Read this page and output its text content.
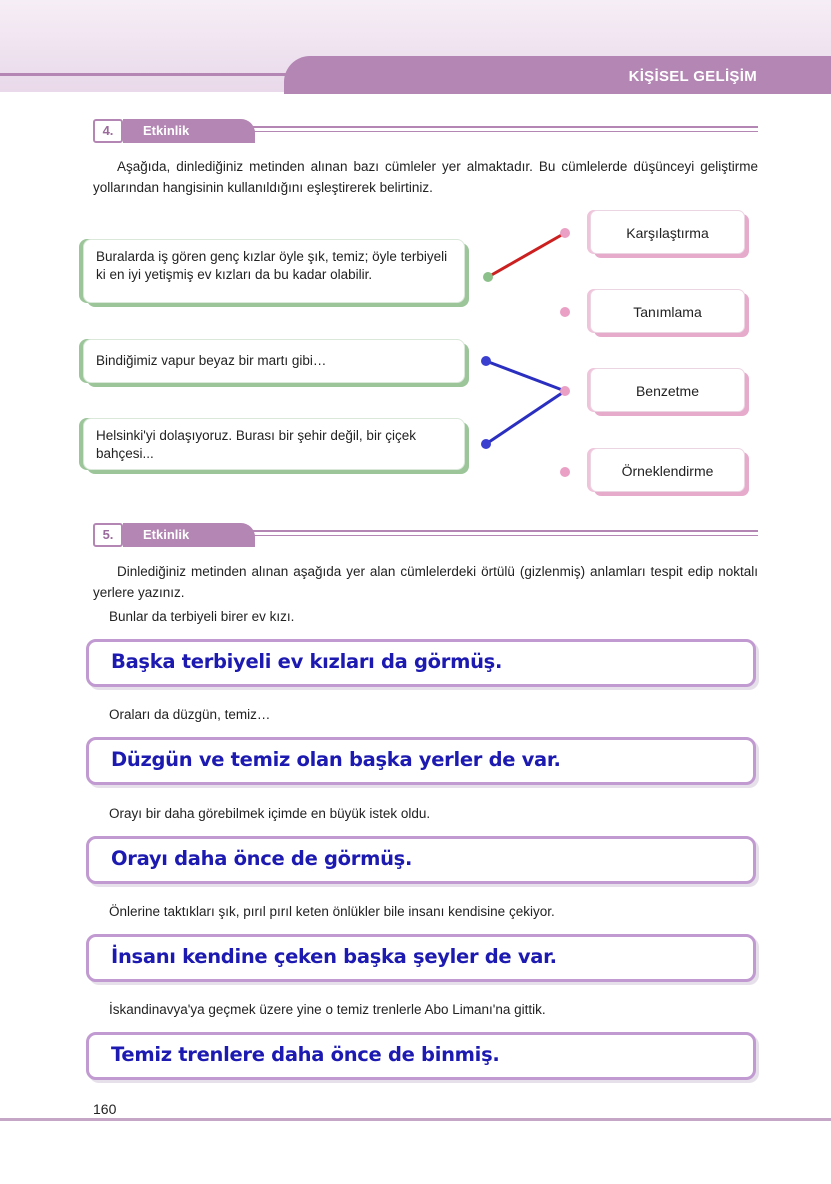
KİŞİSEL GELİŞİM
4.	Etkinlik
Aşağıda, dinlediğiniz metinden alınan bazı cümleler yer almaktadır. Bu cümlelerde düşünceyi geliştirme yollarından hangisinin kullanıldığını eşleştirerek belirtiniz.
Buralarda iş gören genç kızlar öyle şık, temiz; öyle terbiyeli ki en iyi yetişmiş ev kızları da bu kadar olabilir.
Bindiğimiz vapur beyaz bir martı gibi…
Helsinki'yi dolaşıyoruz. Burası bir şehir değil, bir çiçek bahçesi...
Karşılaştırma
Tanımlama
Benzetme
Örneklendirme
5.	Etkinlik
Dinlediğiniz metinden alınan aşağıda yer alan cümlelerdeki örtülü (gizlenmiş) anlamları tespit edip noktalı yerlere yazınız.
Bunlar da terbiyeli birer ev kızı.
Başka terbiyeli ev kızları da görmüş.
Oraları da düzgün, temiz…
Düzgün ve temiz olan başka yerler de var.
Orayı bir daha görebilmek içimde en büyük istek oldu.
Orayı daha önce de görmüş.
Önlerine taktıkları şık, pırıl pırıl keten önlükler bile insanı kendisine çekiyor.
İnsanı kendine çeken başka şeyler de var.
İskandinavya'ya geçmek üzere yine o temiz trenlerle Abo Limanı'na gittik.
Temiz trenlere daha önce de binmiş.
160
